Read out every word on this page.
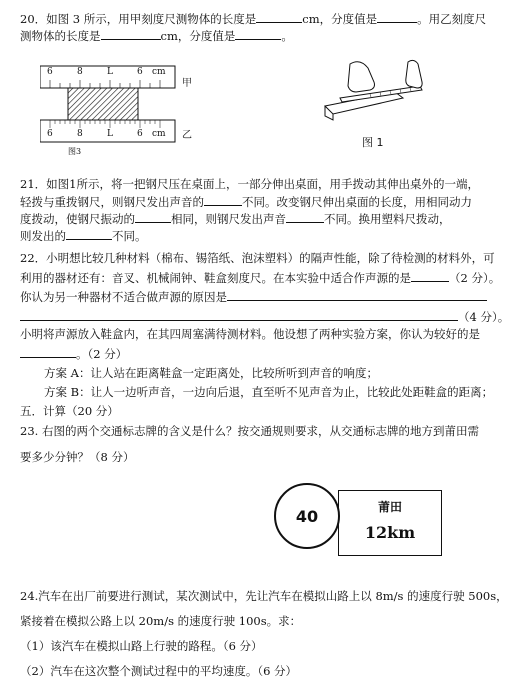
20．如图 3 所示，用甲刻度尺测物体的长度是	cm，分度值是	。用乙刻度尺
测物体的长度是	cm，分度值是	。
6	8	L	6 cm
6	8	L	6 cm
甲
乙
图3
图 1
21．如图1所示，将一把钢尺压在桌面上，一部分伸出桌面，用手拨动其伸出桌外的一端，
轻拨与重拨钢尺，则钢尺发出声音的	不同。改变钢尺伸出桌面的长度，用相同动力
度拨动，使钢尺振动的	相同，则钢尺发出声音	不同。换用塑料尺拨动，
则发出的	不同。
22．小明想比较几种材料（棉布、锡箔纸、泡沫塑料）的隔声性能，除了待检测的材料外，可
利用的器材还有：音叉、机械闹钟、鞋盒刻度尺。在本实验中适合作声源的是	（2 分）。
你认为另一种器材不适合做声源的原因是
（4 分）。
小明将声源放入鞋盒内，在其四周塞满待测材料。他设想了两种实验方案，你认为较好的是
。（2 分）
方案 A：让人站在距离鞋盒一定距离处，比较所听到声音的响度；
方案 B：让人一边听声音，一边向后退，直至听不见声音为止，比较此处距鞋盒的距离；
五．计算（20 分）
23. 右图的两个交通标志牌的含义是什么？按交通规则要求，从交通标志牌的地方到莆田需
要多少分钟？（8 分）
40	莆田
12km
24.汽车在出厂前要进行测试，某次测试中，先让汽车在模拟山路上以 8m/s 的速度行驶 500s，
紧接着在模拟公路上以 20m/s 的速度行驶 100s。求：
（1）该汽车在模拟山路上行驶的路程。（6 分）
（2）汽车在这次整个测试过程中的平均速度。（6 分）
